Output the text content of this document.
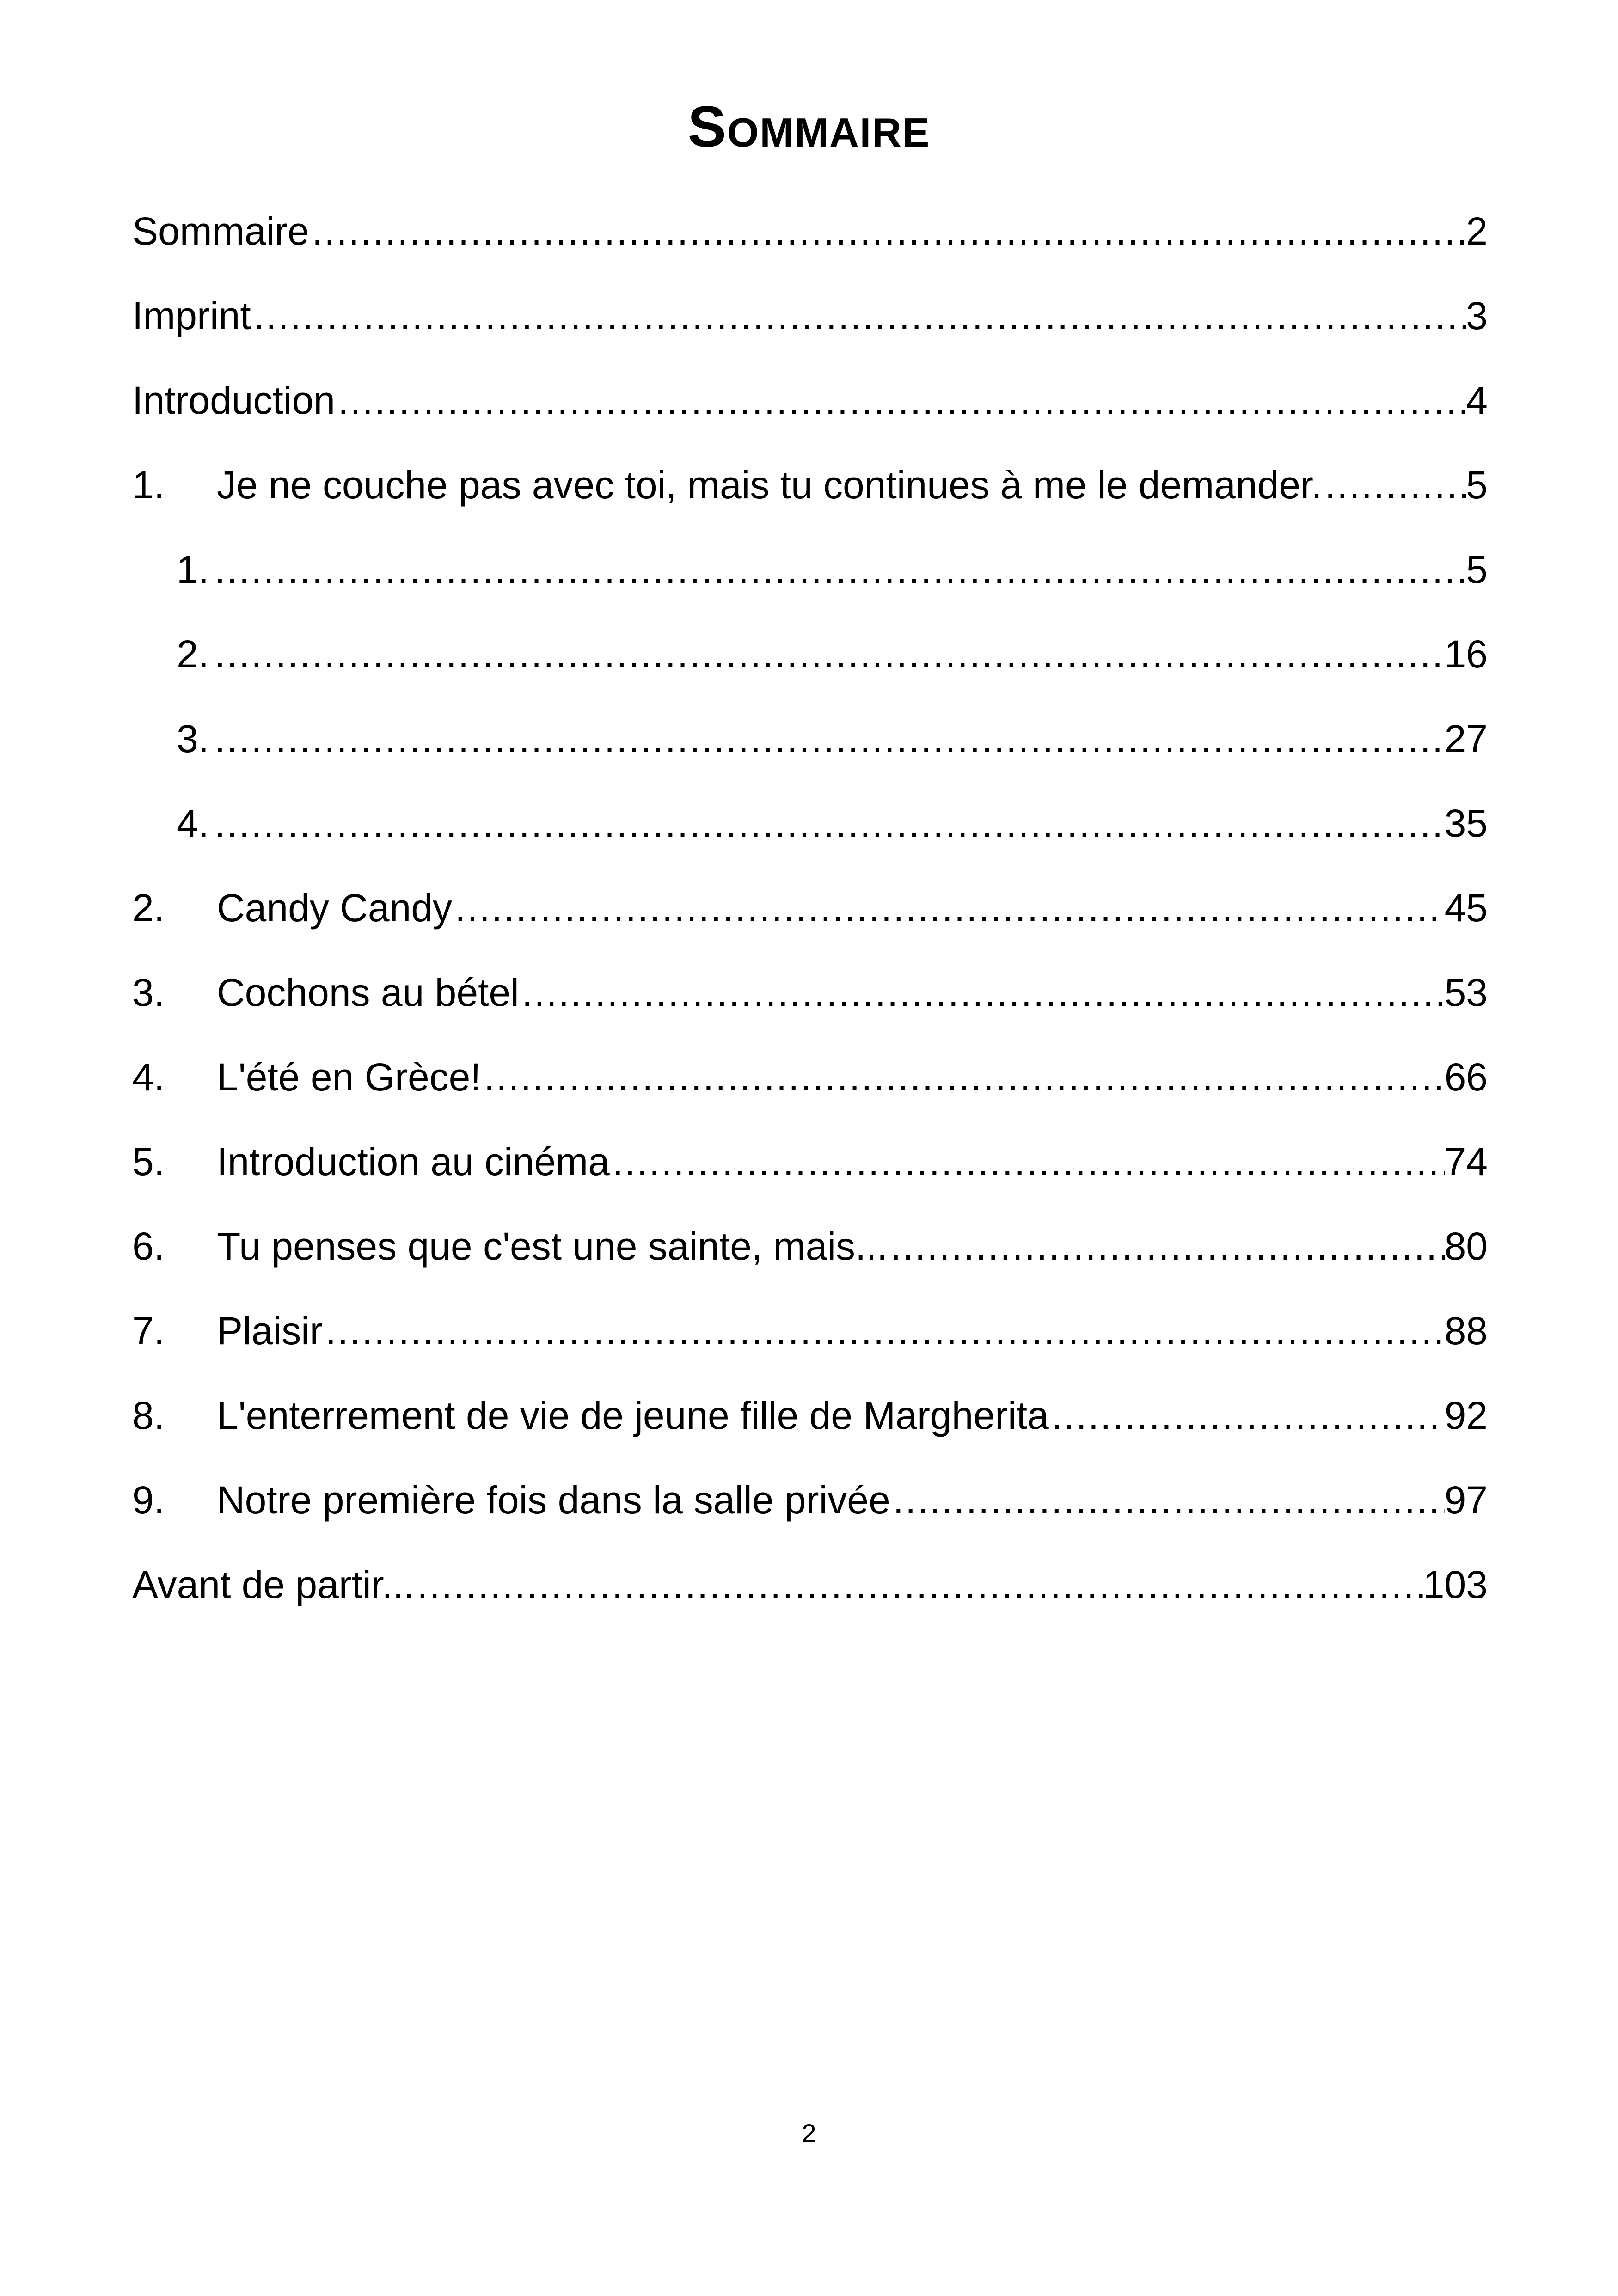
Sommaire
Sommaire .....	2
Imprint .....	3
Introduction .....	4
1.	Je ne couche pas avec toi, mais tu continues à me le demander. .....	5
1. .....	5
2. .....	16
3. .....	27
4. .....	35
2.	Candy Candy .....	45
3.	Cochons au bétel .....	53
4.	L'été en Grèce! .....	66
5.	Introduction au cinéma .....	74
6.	Tu penses que c'est une sainte, mais... .....	80
7.	Plaisir .....	88
8.	L'enterrement de vie de jeune fille de Margherita .....	92
9.	Notre première fois dans la salle privée .....	97
Avant de partir... .....	103
2
